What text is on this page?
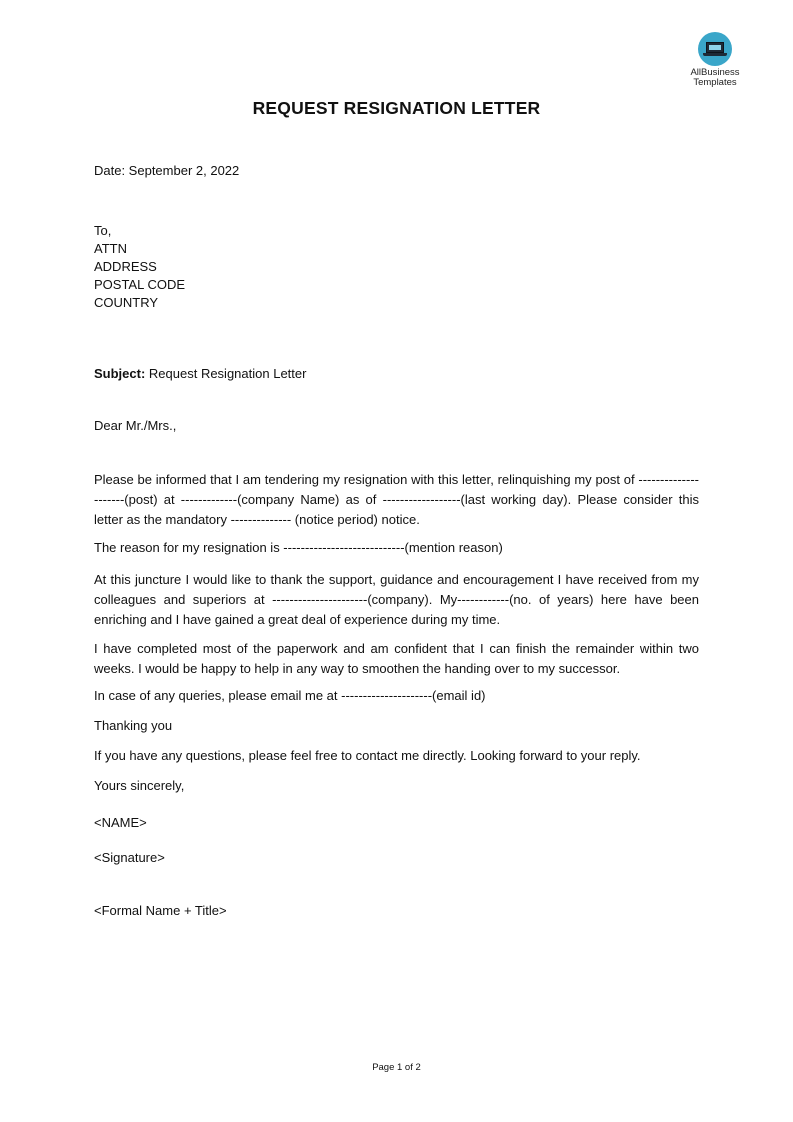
AllBusiness
Templates
REQUEST RESIGNATION LETTER
Date: September 2, 2022
To,
ATTN
ADDRESS
POSTAL CODE
COUNTRY
Subject: Request Resignation Letter
Dear Mr./Mrs.,

Please be informed that I am tendering my resignation with this letter, relinquishing my post of ---------------------(post) at -------------(company Name) as of ------------------(last working day). Please consider this letter as the mandatory -------------- (notice period) notice.

The reason for my resignation is ----------------------------(mention reason)

At this juncture I would like to thank the support, guidance and encouragement I have received from my colleagues and superiors at ----------------------(company). My------------(no. of years) here have been enriching and I have gained a great deal of experience during my time.

I have completed most of the paperwork and am confident that I can finish the remainder within two weeks. I would be happy to help in any way to smoothen the handing over to my successor.

In case of any queries, please email me at ---------------------(email id)
Thanking you
If you have any questions, please feel free to contact me directly. Looking forward to your reply.
Yours sincerely,
<NAME>
<Signature>
<Formal Name + Title>
Page 1 of 2
